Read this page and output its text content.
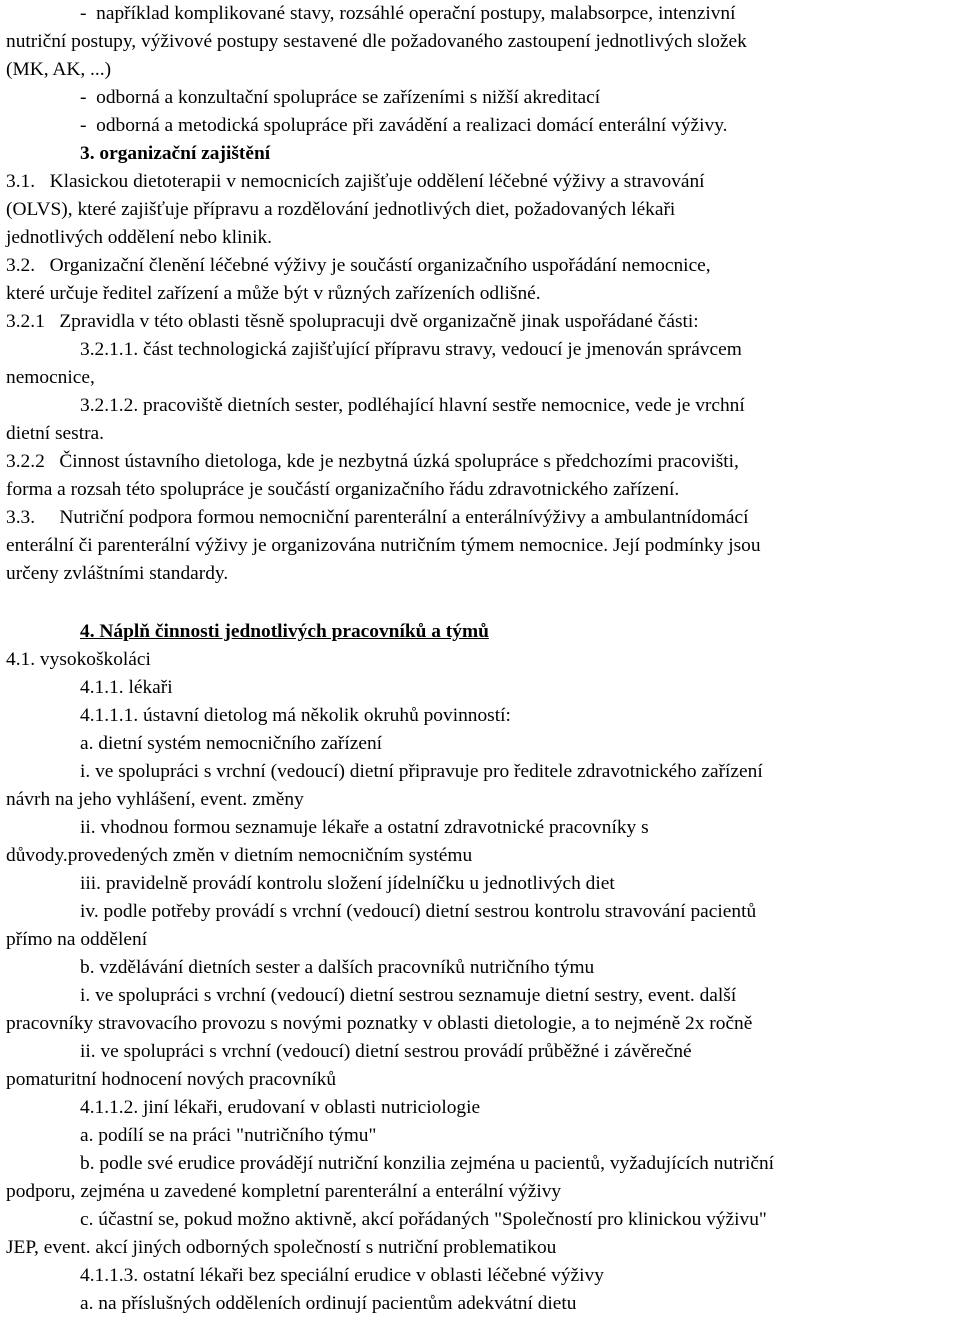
-  například komplikované stavy, rozsáhlé operační postupy, malabsorpce, intenzivní
nutriční postupy, výživové postupy sestavené dle požadovaného zastoupení jednotlivých složek
(MK, AK, ...)
-  odborná a konzultační spolupráce se zařízeními s nižší akreditací
-  odborná a metodická spolupráce při zavádění a realizaci domácí enterální výživy.
3. organizační zajištění
3.1.   Klasickou dietoterapii v nemocnicích zajišťuje oddělení léčebné výživy a stravování
(OLVS), které zajišťuje přípravu a rozdělování jednotlivých diet, požadovaných lékaři
jednotlivých oddělení nebo klinik.
3.2.   Organizační členění léčebné výživy je součástí organizačního uspořádání nemocnice,
které určuje ředitel zařízení a může být v různých zařízeních odlišné.
3.2.1   Zpravidla v této oblasti těsně spolupracuji dvě organizačně jinak uspořádané části:
3.2.1.1. část technologická zajišťující přípravu stravy, vedoucí je jmenován správcem
nemocnice,
3.2.1.2. pracoviště dietních sester, podléhající hlavní sestře nemocnice, vede je vrchní
dietní sestra.
3.2.2   Činnost ústavního dietologa, kde je nezbytná úzká spolupráce s předchozími pracovišti,
forma a rozsah této spolupráce je součástí organizačního řádu zdravotnického zařízení.
3.3.     Nutriční podpora formou nemocniční parenterální a enterálnívýživy a ambulantnídomácí
enterální či parenterální výživy je organizována nutričním týmem nemocnice. Její podmínky jsou
určeny zvláštními standardy.
4. Náplň činnosti jednotlivých pracovníků a týmů
4.1. vysokoškoláci
4.1.1. lékaři
4.1.1.1. ústavní dietolog má několik okruhů povinností:
a. dietní systém nemocničního zařízení
i. ve spolupráci s vrchní (vedoucí) dietní připravuje pro ředitele zdravotnického zařízení
návrh na jeho vyhlášení, event. změny
ii. vhodnou formou seznamuje lékaře a ostatní zdravotnické pracovníky s
důvody.provedených změn v dietním nemocničním systému
iii. pravidelně provádí kontrolu složení jídelníčku u jednotlivých diet
iv. podle potřeby provádí s vrchní (vedoucí) dietní sestrou kontrolu stravování pacientů
přímo na oddělení
b. vzdělávání dietních sester a dalších pracovníků nutričního týmu
i. ve spolupráci s vrchní (vedoucí) dietní sestrou seznamuje dietní sestry, event. další
pracovníky stravovacího provozu s novými poznatky v oblasti dietologie, a to nejméně 2x ročně
ii. ve spolupráci s vrchní (vedoucí) dietní sestrou provádí průběžné i závěrečné
pomaturitní hodnocení nových pracovníků
4.1.1.2. jiní lékaři, erudovaní v oblasti nutriciologie
a. podílí se na práci "nutričního týmu"
b. podle své erudice provádějí nutriční konzilia zejména u pacientů, vyžadujících nutriční
podporu, zejména u zavedené kompletní parenterální a enterální výživy
c. účastní se, pokud možno aktivně, akcí pořádaných "Společností pro klinickou výživu"
JEP, event. akcí jiných odborných společností s nutriční problematikou
4.1.1.3. ostatní lékaři bez speciální erudice v oblasti léčebné výživy
a. na příslušných odděleních ordinují pacientům adekvátní dietu
